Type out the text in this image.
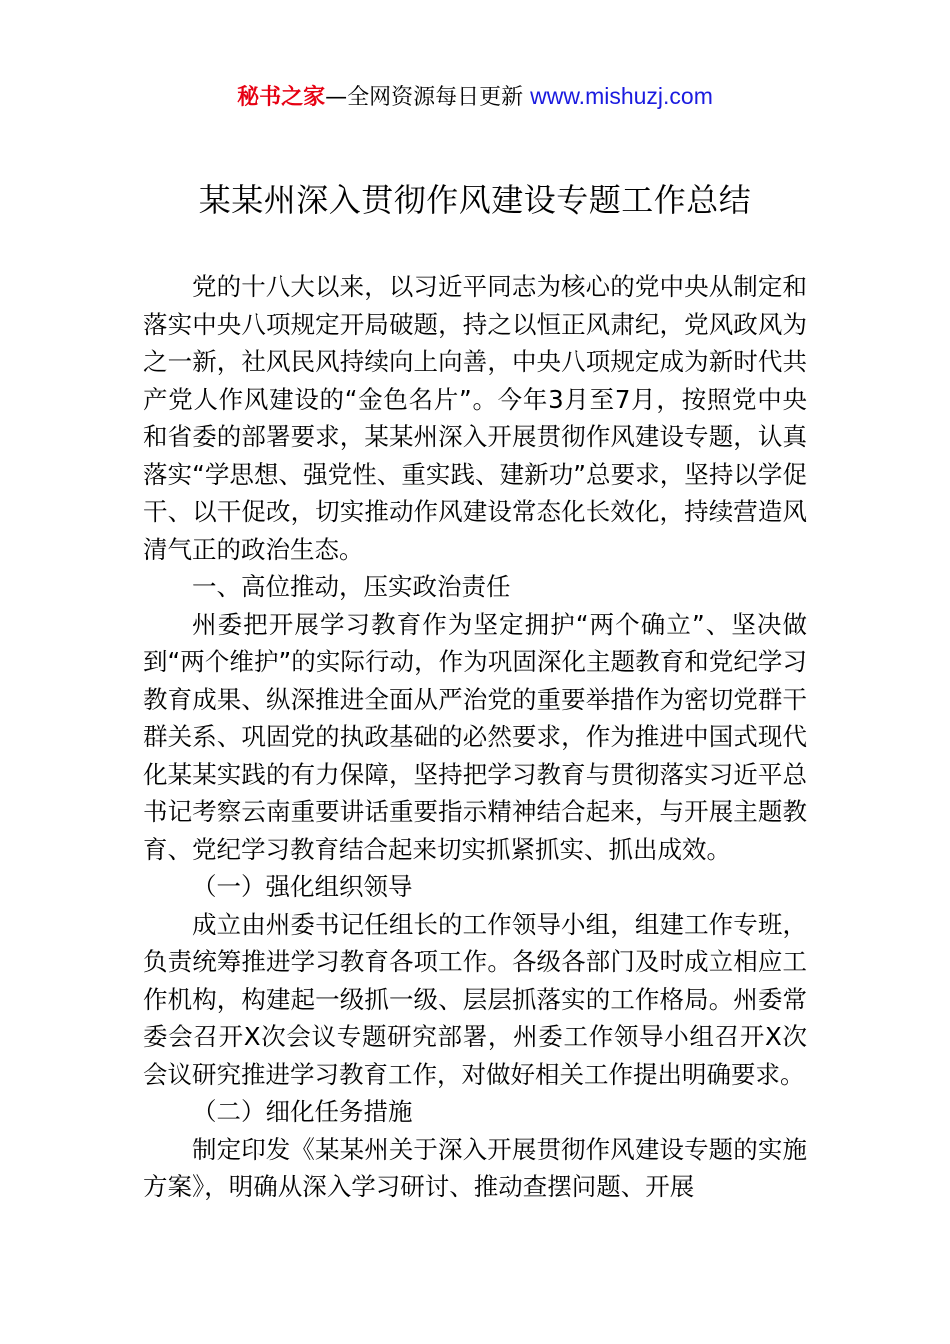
秘书之家—全网资源每日更新 www.mishuzj.com
某某州深入贯彻作风建设专题工作总结

党的十八大以来，以习近平同志为核心的党中央从制定和落实中央八项规定开局破题，持之以恒正风肃纪，党风政风为之一新，社风民风持续向上向善，中央八项规定成为新时代共产党人作风建设的“金色名片”。今年3月至7月，按照党中央和省委的部署要求，某某州深入开展贯彻作风建设专题，认真落实“学思想、强党性、重实践、建新功”总要求，坚持以学促干、以干促改，切实推动作风建设常态化长效化，持续营造风清气正的政治生态。

一、高位推动，压实政治责任

州委把开展学习教育作为坚定拥护“两个确立”、坚决做到“两个维护”的实际行动，作为巩固深化主题教育和党纪学习教育成果、纵深推进全面从严治党的重要举措作为密切党群干群关系、巩固党的执政基础的必然要求，作为推进中国式现代化某某实践的有力保障，坚持把学习教育与贯彻落实习近平总书记考察云南重要讲话重要指示精神结合起来，与开展主题教育、党纪学习教育结合起来切实抓紧抓实、抓出成效。

（一）强化组织领导

成立由州委书记任组长的工作领导小组，组建工作专班，负责统筹推进学习教育各项工作。各级各部门及时成立相应工作机构，构建起一级抓一级、层层抓落实的工作格局。州委常委会召开X次会议专题研究部署，州委工作领导小组召开X次会议研究推进学习教育工作，对做好相关工作提出明确要求。

（二）细化任务措施

制定印发《某某州关于深入开展贯彻作风建设专题的实施方案》，明确从深入学习研讨、推动查摆问题、开展
